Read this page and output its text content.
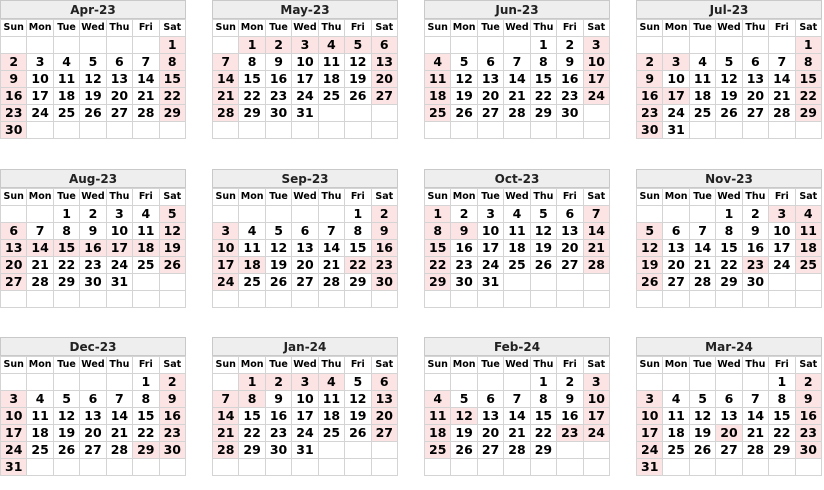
Apr-23
Sun	Mon	Tue	Wed	Thu	Fri	Sat
						1
2	3	4	5	6	7	8
9	10	11	12	13	14	15
16	17	18	19	20	21	22
23	24	25	26	27	28	29
30						
May-23
Sun	Mon	Tue	Wed	Thu	Fri	Sat
	1	2	3	4	5	6
7	8	9	10	11	12	13
14	15	16	17	18	19	20
21	22	23	24	25	26	27
28	29	30	31			

Jun-23
Sun	Mon	Tue	Wed	Thu	Fri	Sat
				1	2	3
4	5	6	7	8	9	10
11	12	13	14	15	16	17
18	19	20	21	22	23	24
25	26	27	28	29	30	

Jul-23
Sun	Mon	Tue	Wed	Thu	Fri	Sat
						1
2	3	4	5	6	7	8
9	10	11	12	13	14	15
16	17	18	19	20	21	22
23	24	25	26	27	28	29
30	31					
Aug-23
Sun	Mon	Tue	Wed	Thu	Fri	Sat
		1	2	3	4	5
6	7	8	9	10	11	12
13	14	15	16	17	18	19
20	21	22	23	24	25	26
27	28	29	30	31		

Sep-23
Sun	Mon	Tue	Wed	Thu	Fri	Sat
					1	2
3	4	5	6	7	8	9
10	11	12	13	14	15	16
17	18	19	20	21	22	23
24	25	26	27	28	29	30

Oct-23
Sun	Mon	Tue	Wed	Thu	Fri	Sat
1	2	3	4	5	6	7
8	9	10	11	12	13	14
15	16	17	18	19	20	21
22	23	24	25	26	27	28
29	30	31				

Nov-23
Sun	Mon	Tue	Wed	Thu	Fri	Sat
			1	2	3	4
5	6	7	8	9	10	11
12	13	14	15	16	17	18
19	20	21	22	23	24	25
26	27	28	29	30		

Dec-23
Sun	Mon	Tue	Wed	Thu	Fri	Sat
					1	2
3	4	5	6	7	8	9
10	11	12	13	14	15	16
17	18	19	20	21	22	23
24	25	26	27	28	29	30
31						
Jan-24
Sun	Mon	Tue	Wed	Thu	Fri	Sat
	1	2	3	4	5	6
7	8	9	10	11	12	13
14	15	16	17	18	19	20
21	22	23	24	25	26	27
28	29	30	31			

Feb-24
Sun	Mon	Tue	Wed	Thu	Fri	Sat
				1	2	3
4	5	6	7	8	9	10
11	12	13	14	15	16	17
18	19	20	21	22	23	24
25	26	27	28	29		

Mar-24
Sun	Mon	Tue	Wed	Thu	Fri	Sat
					1	2
3	4	5	6	7	8	9
10	11	12	13	14	15	16
17	18	19	20	21	22	23
24	25	26	27	28	29	30
31						
